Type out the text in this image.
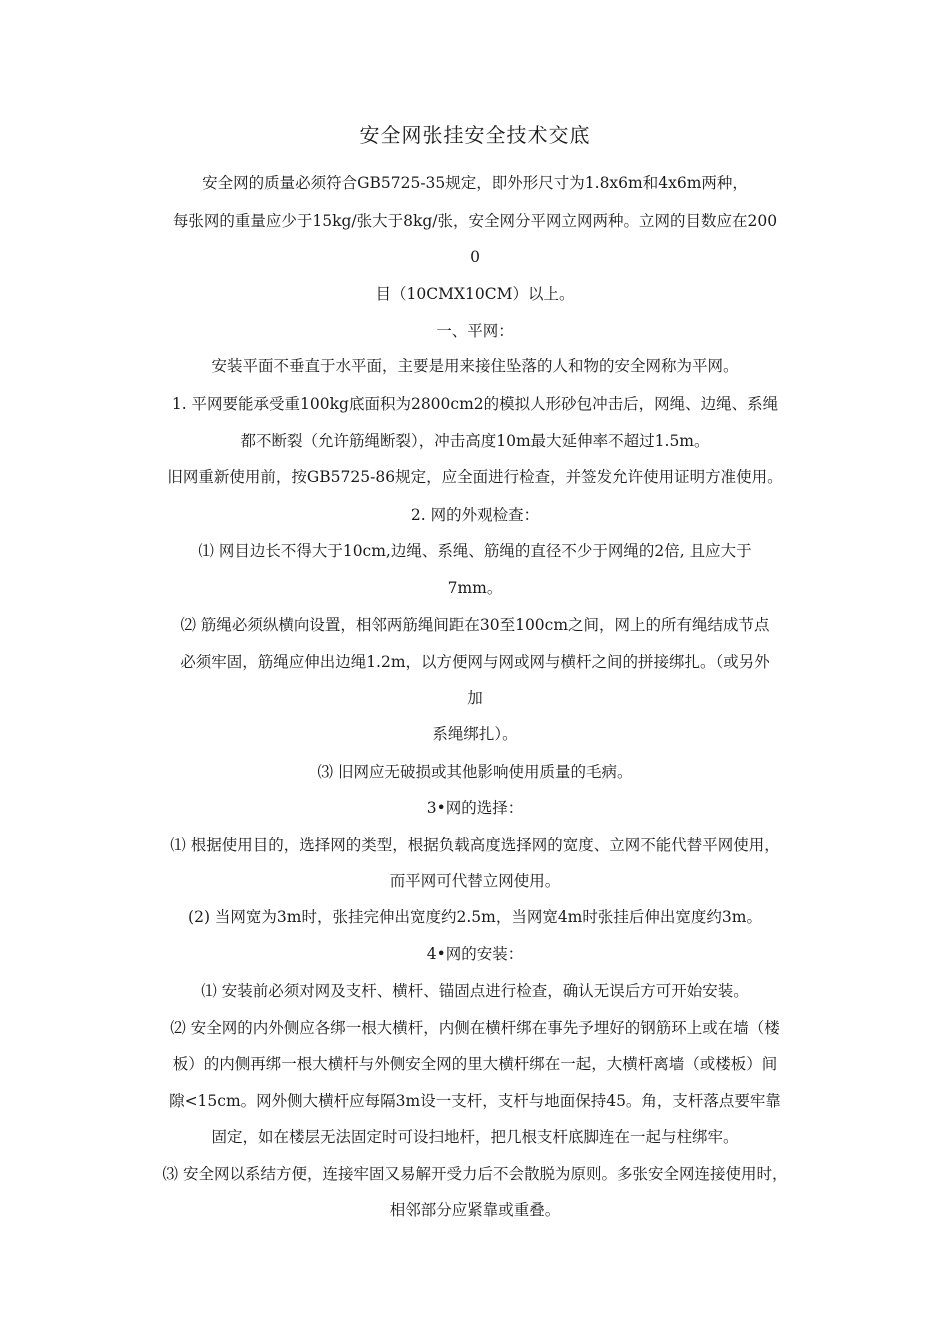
安全网张挂安全技术交底
安全网的质量必须符合GB5725-35规定，即外形尺寸为1.8x6m和4x6m两种，
每张网的重量应少于15kg/张大于8kg/张，安全网分平网立网两种。立网的目数应在200
0
目（10CMX10CM）以上。
一、平网：
安装平面不垂直于水平面，主要是用来接住坠落的人和物的安全网称为平网。
1. 平网要能承受重100kg底面积为2800cm2的模拟人形砂包冲击后，网绳、边绳、系绳
都不断裂（允许筋绳断裂），冲击高度10m最大延伸率不超过1.5m。
旧网重新使用前，按GB5725-86规定，应全面进行检查，并签发允许使用证明方准使用。
2. 网的外观检查：
⑴ 网目边长不得大于10cm,边绳、系绳、筋绳的直径不少于网绳的2倍, 且应大于
7mm。
⑵ 筋绳必须纵横向设置，相邻两筋绳间距在30至100cm之间，网上的所有绳结成节点
必须牢固，筋绳应伸出边绳1.2m，以方便网与网或网与横杆之间的拼接绑扎。（或另外
加
系绳绑扎）。
⑶ 旧网应无破损或其他影响使用质量的毛病。
3•网的选择：
⑴ 根据使用目的，选择网的类型，根据负载高度选择网的宽度、立网不能代替平网使用，
而平网可代替立网使用。
(2) 当网宽为3m时，张挂完伸出宽度约2.5m，当网宽4m时张挂后伸出宽度约3m。
4•网的安装：
⑴ 安装前必须对网及支杆、横杆、锚固点进行检查，确认无误后方可开始安装。
⑵ 安全网的内外侧应各绑一根大横杆，内侧在横杆绑在事先予埋好的钢筋环上或在墙（楼
板）的内侧再绑一根大横杆与外侧安全网的里大横杆绑在一起，大横杆离墙（或楼板）间
隙<15cm。网外侧大横杆应每隔3m设一支杆，支杆与地面保持45。角，支杆落点要牢靠
固定，如在楼层无法固定时可设扫地杆，把几根支杆底脚连在一起与柱绑牢。
⑶ 安全网以系结方便，连接牢固又易解开受力后不会散脱为原则。多张安全网连接使用时，
相邻部分应紧靠或重叠。
